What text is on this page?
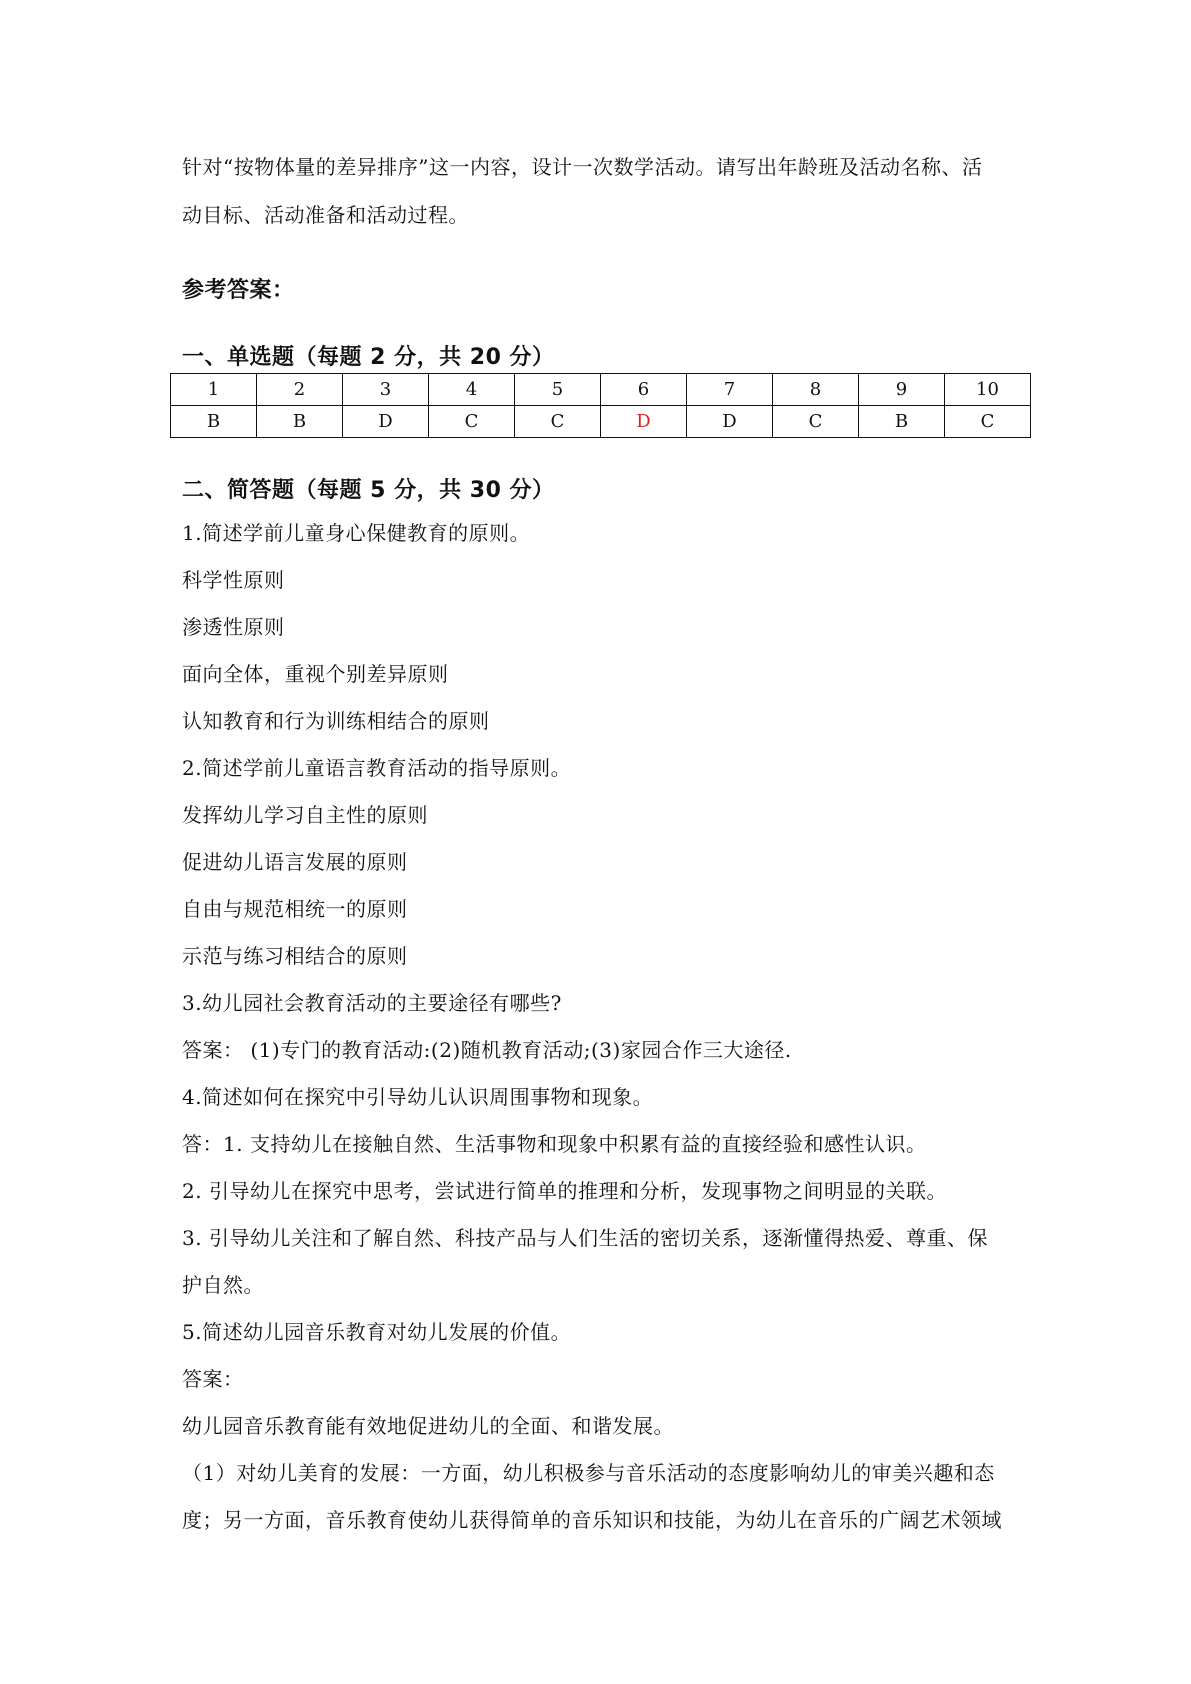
针对“按物体量的差异排序”这一内容，设计一次数学活动。请写出年龄班及活动名称、活
动目标、活动准备和活动过程。
参考答案：
一、单选题（每题 2 分，共 20 分）
1	2	3	4	5	6	7	8	9	10
B	B	D	C	C	D	D	C	B	C
二、简答题（每题 5 分，共 30 分）
1.简述学前儿童身心保健教育的原则。
科学性原则
渗透性原则
面向全体，重视个别差异原则
认知教育和行为训练相结合的原则
2.简述学前儿童语言教育活动的指导原则。
发挥幼儿学习自主性的原则
促进幼儿语言发展的原则
自由与规范相统一的原则
示范与练习相结合的原则
3.幼儿园社会教育活动的主要途径有哪些?
答案： (1)专门的教育活动:(2)随机教育活动;(3)家园合作三大途径.
4.简述如何在探究中引导幼儿认识周围事物和现象。
答：1. 支持幼儿在接触自然、生活事物和现象中积累有益的直接经验和感性认识。
2. 引导幼儿在探究中思考，尝试进行简单的推理和分析，发现事物之间明显的关联。
3. 引导幼儿关注和了解自然、科技产品与人们生活的密切关系，逐渐懂得热爱、尊重、保
护自然。
5.简述幼儿园音乐教育对幼儿发展的价值。
答案：
幼儿园音乐教育能有效地促进幼儿的全面、和谐发展。
（1）对幼儿美育的发展：一方面，幼儿积极参与音乐活动的态度影响幼儿的审美兴趣和态
度；另一方面，音乐教育使幼儿获得简单的音乐知识和技能，为幼儿在音乐的广阔艺术领域
